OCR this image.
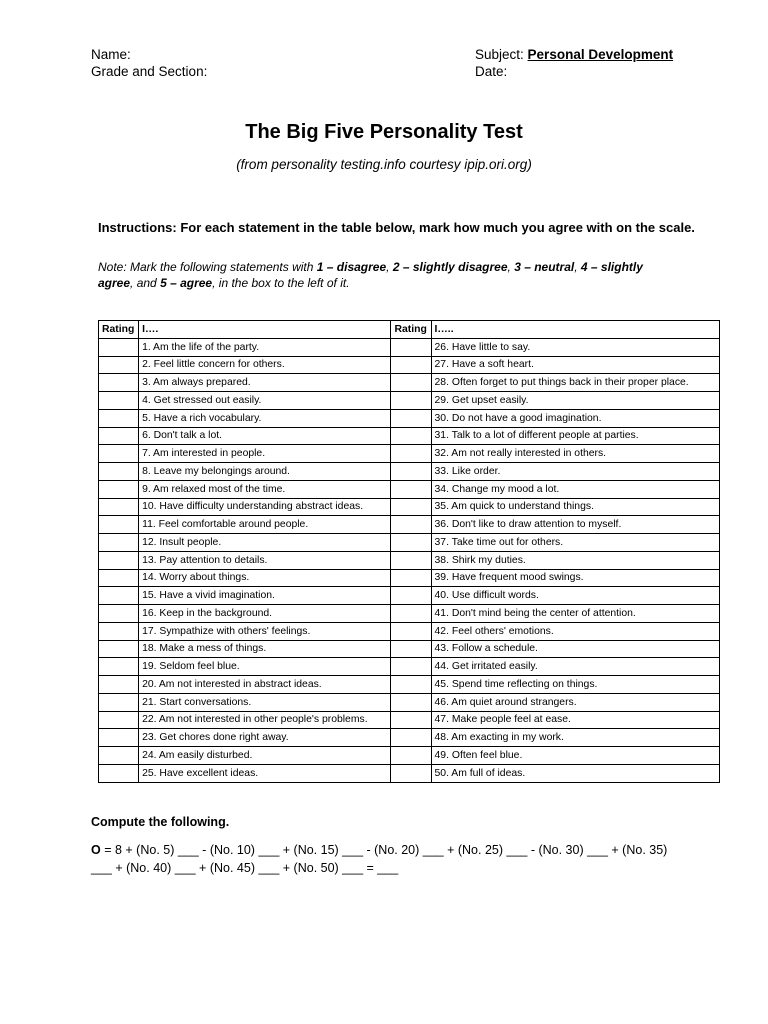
Name:
Grade and Section:
Subject: Personal Development
Date:
The Big Five Personality Test
(from personality testing.info courtesy ipip.ori.org)
Instructions: For each statement in the table below, mark how much you agree with on the scale.
Note: Mark the following statements with 1 – disagree, 2 – slightly disagree, 3 – neutral, 4 – slightly agree, and 5 – agree, in the box to the left of it.
Rating	I….	Rating	I…..
	1. Am the life of the party.		26. Have little to say.
	2. Feel little concern for others.		27. Have a soft heart.
	3. Am always prepared.		28. Often forget to put things back in their proper place.
	4. Get stressed out easily.		29. Get upset easily.
	5. Have a rich vocabulary.		30. Do not have a good imagination.
	6. Don't talk a lot.		31. Talk to a lot of different people at parties.
	7. Am interested in people.		32. Am not really interested in others.
	8. Leave my belongings around.		33. Like order.
	9. Am relaxed most of the time.		34. Change my mood a lot.
	10. Have difficulty understanding abstract ideas.		35. Am quick to understand things.
	11. Feel comfortable around people.		36. Don't like to draw attention to myself.
	12. Insult people.		37. Take time out for others.
	13. Pay attention to details.		38. Shirk my duties.
	14. Worry about things.		39. Have frequent mood swings.
	15. Have a vivid imagination.		40. Use difficult words.
	16. Keep in the background.		41. Don't mind being the center of attention.
	17. Sympathize with others' feelings.		42. Feel others' emotions.
	18. Make a mess of things.		43. Follow a schedule.
	19. Seldom feel blue.		44. Get irritated easily.
	20. Am not interested in abstract ideas.		45. Spend time reflecting on things.
	21. Start conversations.		46. Am quiet around strangers.
	22. Am not interested in other people's problems.		47. Make people feel at ease.
	23. Get chores done right away.		48. Am exacting in my work.
	24. Am easily disturbed.		49. Often feel blue.
	25. Have excellent ideas.		50. Am full of ideas.
Compute the following.
O = 8 + (No. 5) ___ - (No. 10) ___ + (No. 15) ___ - (No. 20) ___ + (No. 25) ___ - (No. 30) ___ + (No. 35) ___ + (No. 40) ___ + (No. 45) ___ + (No. 50) ___ = ___
